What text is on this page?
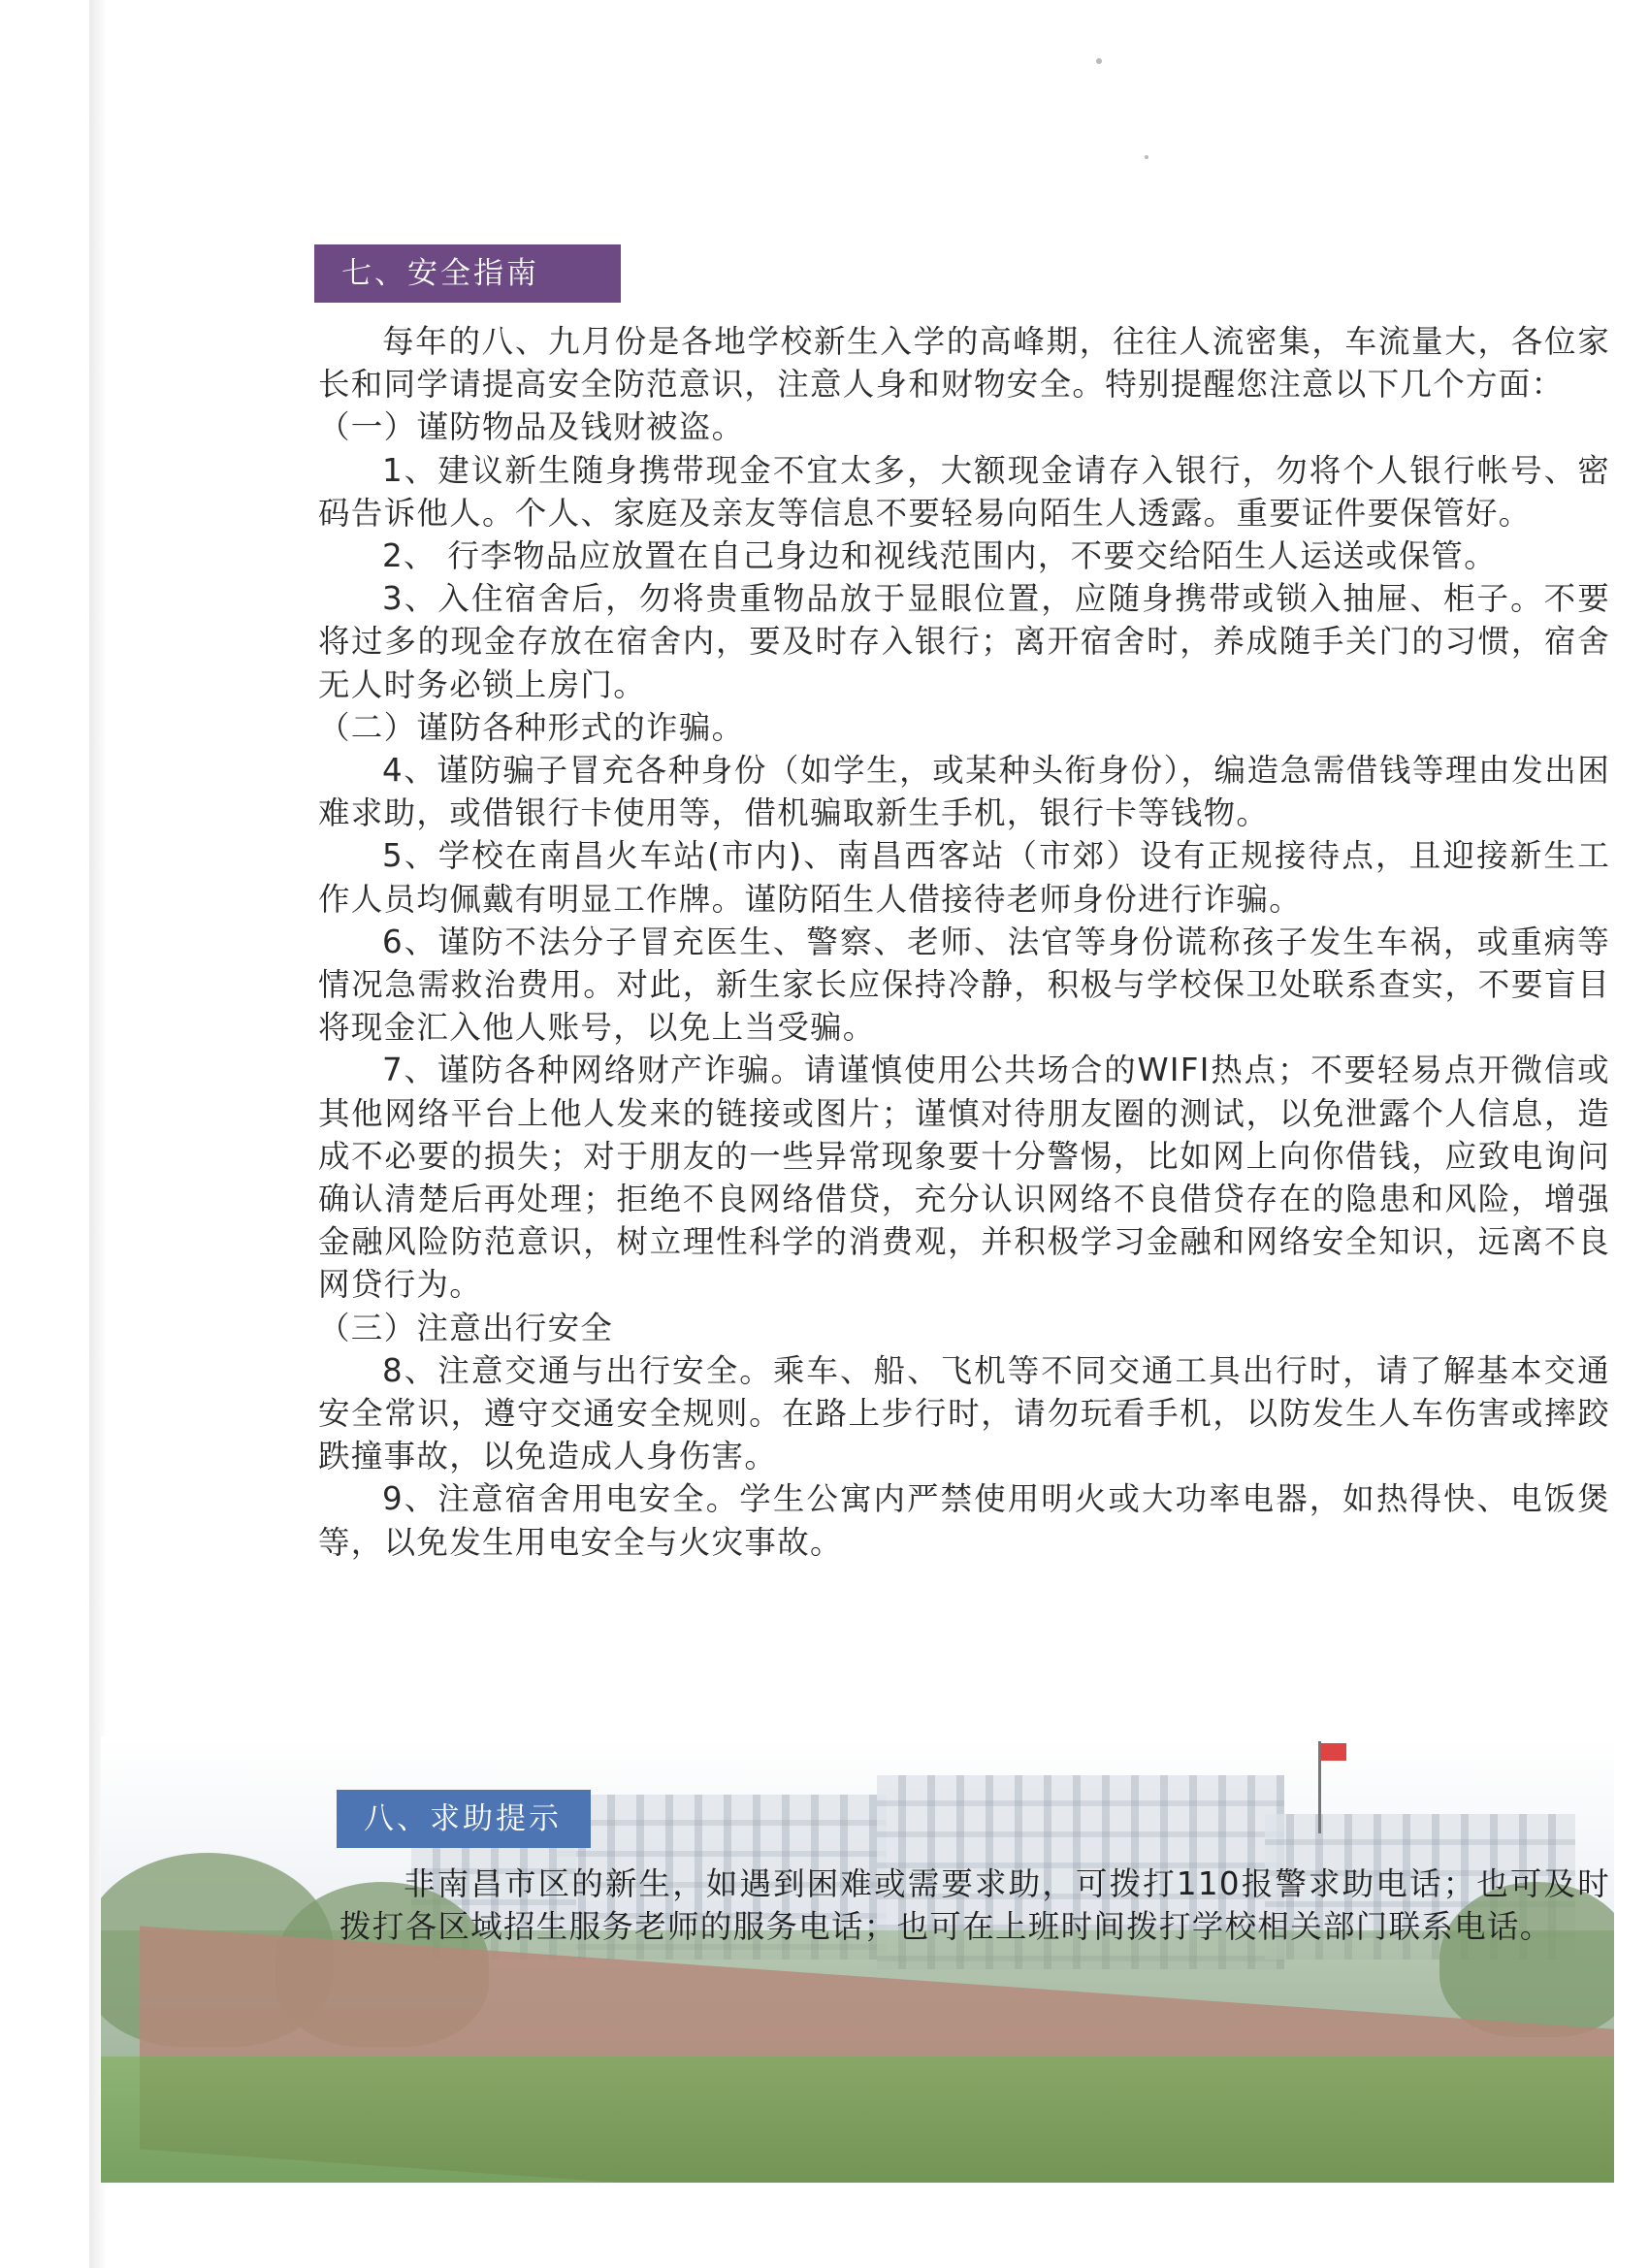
七、安全指南

每年的八、九月份是各地学校新生入学的高峰期，往往人流密集，车流量大，各位家长和同学请提高安全防范意识，注意人身和财物安全。特别提醒您注意以下几个方面：

（一）谨防物品及钱财被盗。

1、建议新生随身携带现金不宜太多，大额现金请存入银行，勿将个人银行帐号、密码告诉他人。个人、家庭及亲友等信息不要轻易向陌生人透露。重要证件要保管好。

2、 行李物品应放置在自己身边和视线范围内，不要交给陌生人运送或保管。

3、入住宿舍后，勿将贵重物品放于显眼位置，应随身携带或锁入抽屉、柜子。不要将过多的现金存放在宿舍内，要及时存入银行；离开宿舍时，养成随手关门的习惯，宿舍无人时务必锁上房门。

（二）谨防各种形式的诈骗。

4、谨防骗子冒充各种身份（如学生，或某种头衔身份），编造急需借钱等理由发出困难求助，或借银行卡使用等，借机骗取新生手机，银行卡等钱物。

5、学校在南昌火车站(市内)、南昌西客站（市郊）设有正规接待点，且迎接新生工作人员均佩戴有明显工作牌。谨防陌生人借接待老师身份进行诈骗。

6、谨防不法分子冒充医生、警察、老师、法官等身份谎称孩子发生车祸，或重病等情况急需救治费用。对此，新生家长应保持冷静，积极与学校保卫处联系查实，不要盲目将现金汇入他人账号，以免上当受骗。

7、谨防各种网络财产诈骗。请谨慎使用公共场合的WIFI热点；不要轻易点开微信或其他网络平台上他人发来的链接或图片；谨慎对待朋友圈的测试，以免泄露个人信息，造成不必要的损失；对于朋友的一些异常现象要十分警惕，比如网上向你借钱，应致电询问确认清楚后再处理；拒绝不良网络借贷，充分认识网络不良借贷存在的隐患和风险，增强金融风险防范意识，树立理性科学的消费观，并积极学习金融和网络安全知识，远离不良网贷行为。

（三）注意出行安全

8、注意交通与出行安全。乘车、船、飞机等不同交通工具出行时，请了解基本交通安全常识，遵守交通安全规则。在路上步行时，请勿玩看手机，以防发生人车伤害或摔跤跌撞事故，以免造成人身伤害。

9、注意宿舍用电安全。学生公寓内严禁使用明火或大功率电器，如热得快、电饭煲等，以免发生用电安全与火灾事故。

八、求助提示

非南昌市区的新生，如遇到困难或需要求助，可拨打110报警求助电话；也可及时拨打各区域招生服务老师的服务电话；也可在上班时间拨打学校相关部门联系电话。
